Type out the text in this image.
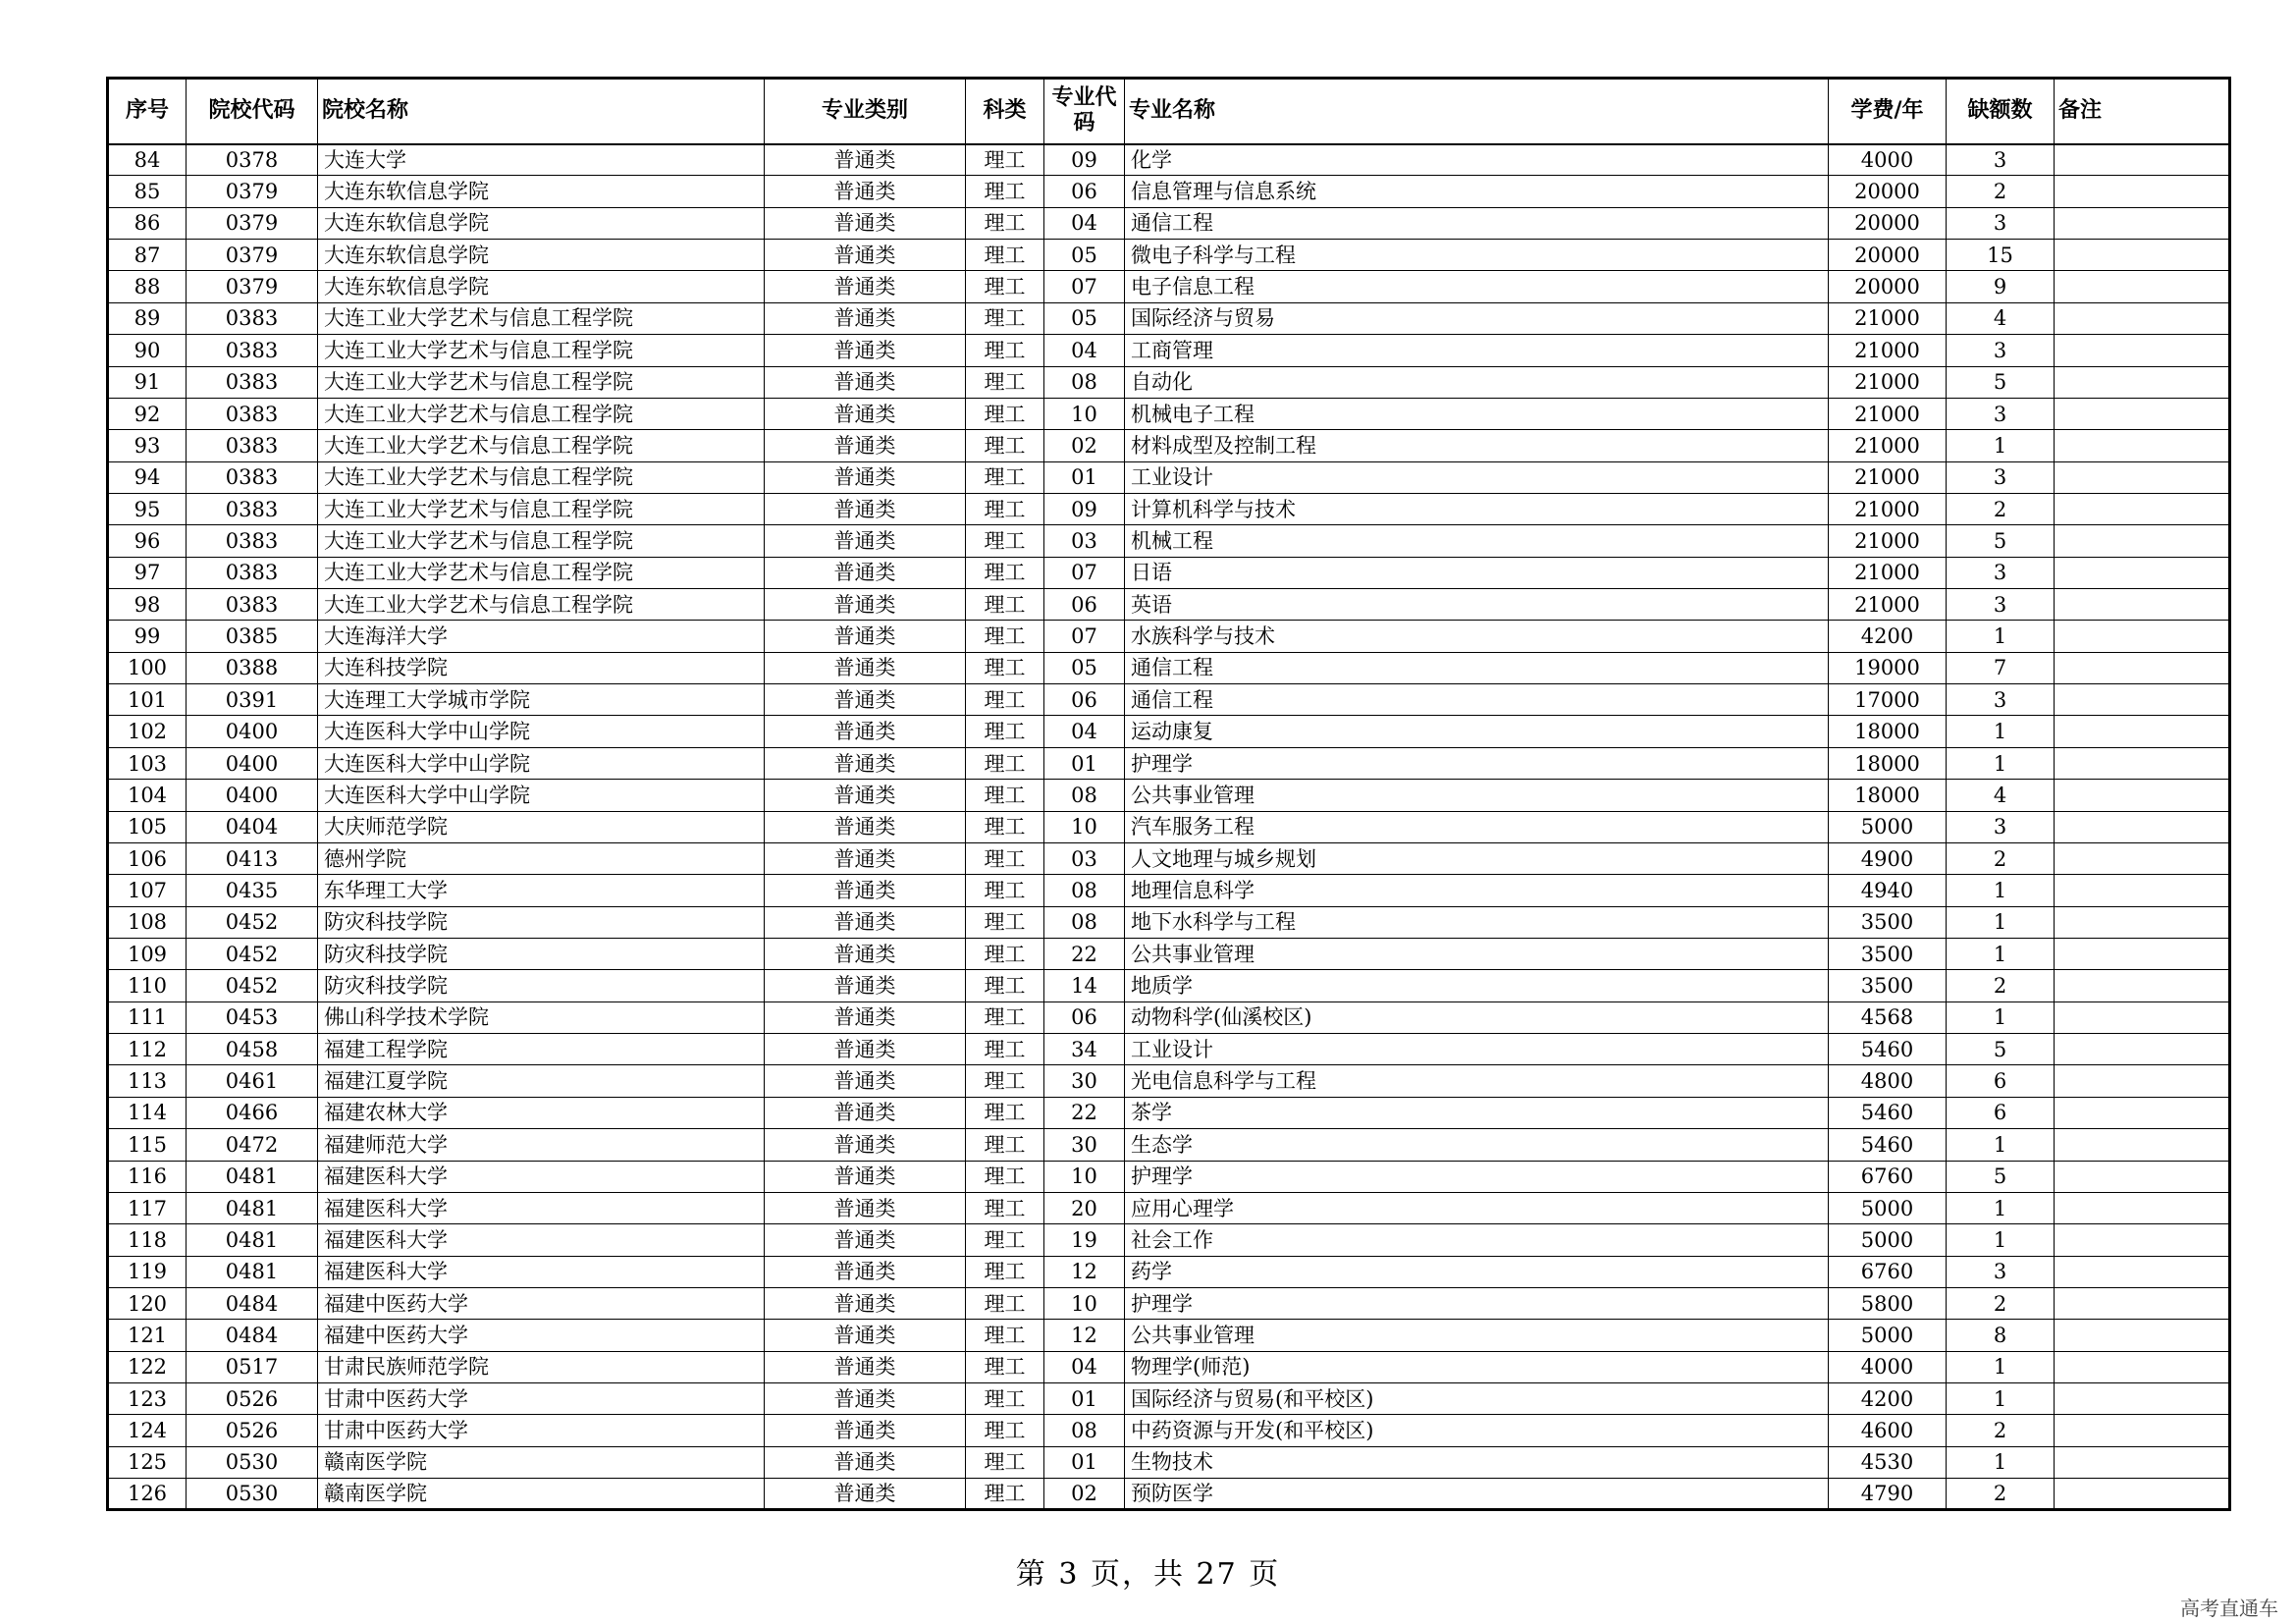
序号	院校代码	院校名称	专业类别	科类	专业代码	专业名称	学费/年	缺额数	备注
84	0378	大连大学	普通类	理工	09	化学	4000	3	
85	0379	大连东软信息学院	普通类	理工	06	信息管理与信息系统	20000	2	
86	0379	大连东软信息学院	普通类	理工	04	通信工程	20000	3	
87	0379	大连东软信息学院	普通类	理工	05	微电子科学与工程	20000	15	
88	0379	大连东软信息学院	普通类	理工	07	电子信息工程	20000	9	
89	0383	大连工业大学艺术与信息工程学院	普通类	理工	05	国际经济与贸易	21000	4	
90	0383	大连工业大学艺术与信息工程学院	普通类	理工	04	工商管理	21000	3	
91	0383	大连工业大学艺术与信息工程学院	普通类	理工	08	自动化	21000	5	
92	0383	大连工业大学艺术与信息工程学院	普通类	理工	10	机械电子工程	21000	3	
93	0383	大连工业大学艺术与信息工程学院	普通类	理工	02	材料成型及控制工程	21000	1	
94	0383	大连工业大学艺术与信息工程学院	普通类	理工	01	工业设计	21000	3	
95	0383	大连工业大学艺术与信息工程学院	普通类	理工	09	计算机科学与技术	21000	2	
96	0383	大连工业大学艺术与信息工程学院	普通类	理工	03	机械工程	21000	5	
97	0383	大连工业大学艺术与信息工程学院	普通类	理工	07	日语	21000	3	
98	0383	大连工业大学艺术与信息工程学院	普通类	理工	06	英语	21000	3	
99	0385	大连海洋大学	普通类	理工	07	水族科学与技术	4200	1	
100	0388	大连科技学院	普通类	理工	05	通信工程	19000	7	
101	0391	大连理工大学城市学院	普通类	理工	06	通信工程	17000	3	
102	0400	大连医科大学中山学院	普通类	理工	04	运动康复	18000	1	
103	0400	大连医科大学中山学院	普通类	理工	01	护理学	18000	1	
104	0400	大连医科大学中山学院	普通类	理工	08	公共事业管理	18000	4	
105	0404	大庆师范学院	普通类	理工	10	汽车服务工程	5000	3	
106	0413	德州学院	普通类	理工	03	人文地理与城乡规划	4900	2	
107	0435	东华理工大学	普通类	理工	08	地理信息科学	4940	1	
108	0452	防灾科技学院	普通类	理工	08	地下水科学与工程	3500	1	
109	0452	防灾科技学院	普通类	理工	22	公共事业管理	3500	1	
110	0452	防灾科技学院	普通类	理工	14	地质学	3500	2	
111	0453	佛山科学技术学院	普通类	理工	06	动物科学(仙溪校区)	4568	1	
112	0458	福建工程学院	普通类	理工	34	工业设计	5460	5	
113	0461	福建江夏学院	普通类	理工	30	光电信息科学与工程	4800	6	
114	0466	福建农林大学	普通类	理工	22	茶学	5460	6	
115	0472	福建师范大学	普通类	理工	30	生态学	5460	1	
116	0481	福建医科大学	普通类	理工	10	护理学	6760	5	
117	0481	福建医科大学	普通类	理工	20	应用心理学	5000	1	
118	0481	福建医科大学	普通类	理工	19	社会工作	5000	1	
119	0481	福建医科大学	普通类	理工	12	药学	6760	3	
120	0484	福建中医药大学	普通类	理工	10	护理学	5800	2	
121	0484	福建中医药大学	普通类	理工	12	公共事业管理	5000	8	
122	0517	甘肃民族师范学院	普通类	理工	04	物理学(师范)	4000	1	
123	0526	甘肃中医药大学	普通类	理工	01	国际经济与贸易(和平校区)	4200	1	
124	0526	甘肃中医药大学	普通类	理工	08	中药资源与开发(和平校区)	4600	2	
125	0530	赣南医学院	普通类	理工	01	生物技术	4530	1	
126	0530	赣南医学院	普通类	理工	02	预防医学	4790	2	
第 3 页，共 27 页
高考直通车
